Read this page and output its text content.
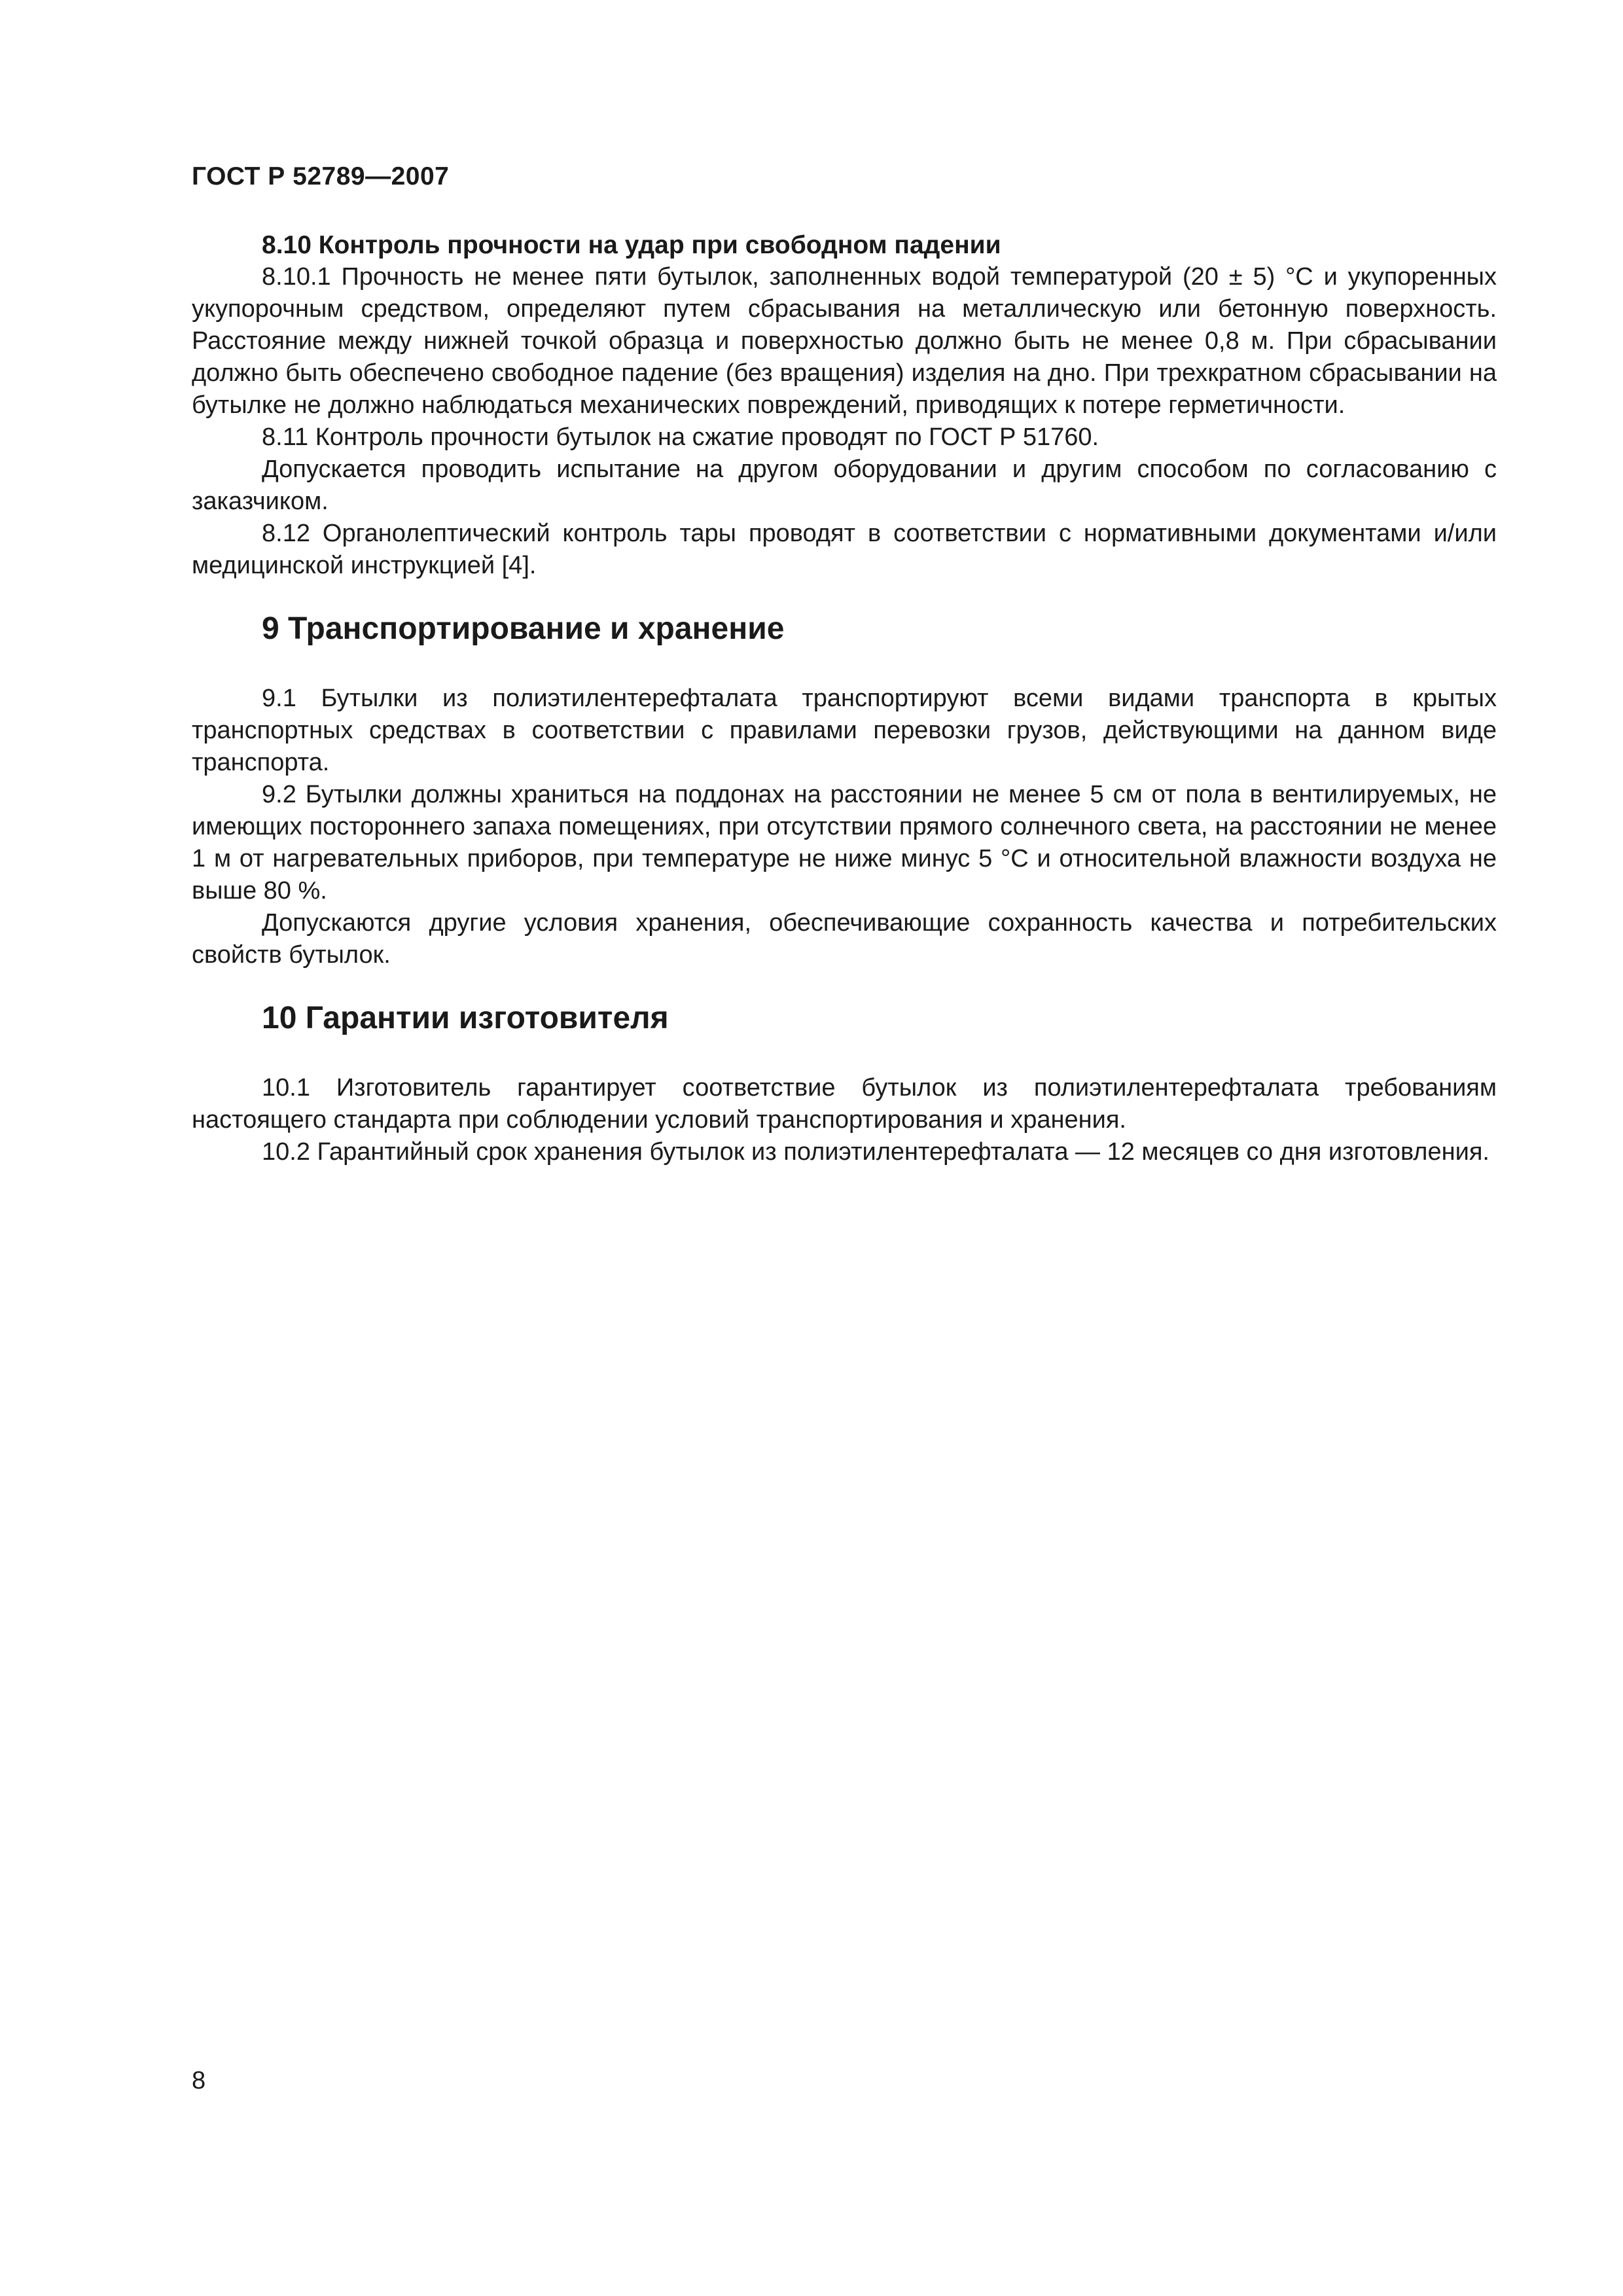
ГОСТ Р 52789—2007

8.10 Контроль прочности на удар при свободном падении

8.10.1 Прочность не менее пяти бутылок, заполненных водой температурой (20 ± 5) °С и укупоренных укупорочным средством, определяют путем сбрасывания на металлическую или бетонную поверхность. Расстояние между нижней точкой образца и поверхностью должно быть не менее 0,8 м. При сбрасывании должно быть обеспечено свободное падение (без вращения) изделия на дно. При трехкратном сбрасывании на бутылке не должно наблюдаться механических повреждений, приводящих к потере герметичности.

8.11 Контроль прочности бутылок на сжатие проводят по ГОСТ Р 51760.

Допускается проводить испытание на другом оборудовании и другим способом по согласованию с заказчиком.

8.12 Органолептический контроль тары проводят в соответствии с нормативными документами и/или медицинской инструкцией [4].

9 Транспортирование и хранение

9.1 Бутылки из полиэтилентерефталата транспортируют всеми видами транспорта в крытых транспортных средствах в соответствии с правилами перевозки грузов, действующими на данном виде транспорта.

9.2 Бутылки должны храниться на поддонах на расстоянии не менее 5 см от пола в вентилируемых, не имеющих постороннего запаха помещениях, при отсутствии прямого солнечного света, на расстоянии не менее 1 м от нагревательных приборов, при температуре не ниже минус 5 °С и относительной влажности воздуха не выше 80 %.

Допускаются другие условия хранения, обеспечивающие сохранность качества и потребительских свойств бутылок.

10 Гарантии изготовителя

10.1 Изготовитель гарантирует соответствие бутылок из полиэтилентерефталата требованиям настоящего стандарта при соблюдении условий транспортирования и хранения.

10.2 Гарантийный срок хранения бутылок из полиэтилентерефталата — 12 месяцев со дня изготовления.

8
